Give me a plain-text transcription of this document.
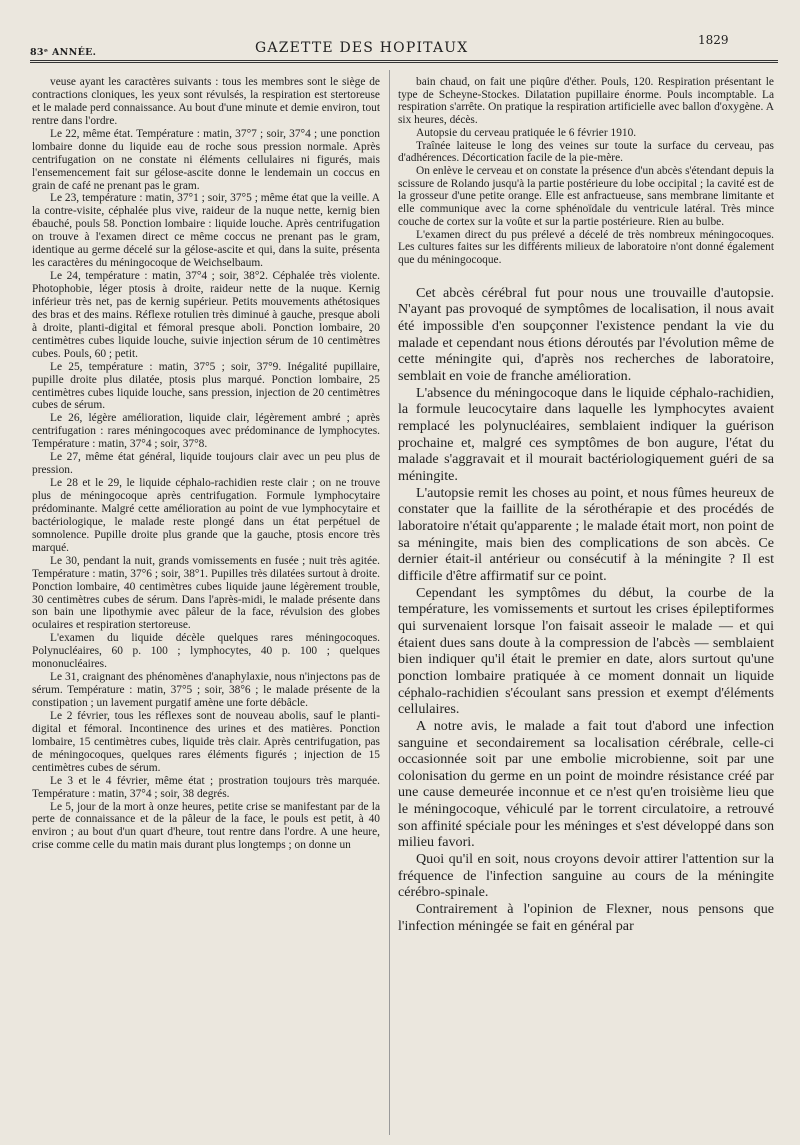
83ᵉ ANNÉE.	GAZETTE DES HOPITAUX	1829

veuse ayant les caractères suivants : tous les membres sont le siège de contractions cloniques, les yeux sont révulsés, la respiration est stertoreuse et le malade perd connaissance. Au bout d'une minute et demie environ, tout rentre dans l'ordre.

Le 22, même état. Température : matin, 37°7 ; soir, 37°4 ; une ponction lombaire donne du liquide eau de roche sous pression normale. Après centrifugation on ne constate ni éléments cellulaires ni figurés, mais l'ensemencement fait sur gélose-ascite donne le lendemain un coccus en grain de café ne prenant pas le gram.

Le 23, température : matin, 37°1 ; soir, 37°5 ; même état que la veille. A la contre-visite, céphalée plus vive, raideur de la nuque nette, kernig bien ébauché, pouls 58. Ponction lombaire : liquide louche. Après centrifugation on trouve à l'examen direct ce même coccus ne prenant pas le gram, identique au germe décelé sur la gélose-ascite et qui, dans la suite, présenta les caractères du méningocoque de Weichselbaum.

Le 24, température : matin, 37°4 ; soir, 38°2. Céphalée très violente. Photophobie, léger ptosis à droite, raideur nette de la nuque. Kernig inférieur très net, pas de kernig supérieur. Petits mouvements athétosiques des bras et des mains. Réflexe rotulien très diminué à gauche, presque aboli à droite, planti-digital et fémoral presque aboli. Ponction lombaire, 20 centimètres cubes liquide louche, suivie injection sérum de 10 centimètres cubes. Pouls, 60 ; petit.

Le 25, température : matin, 37°5 ; soir, 37°9. Inégalité pupillaire, pupille droite plus dilatée, ptosis plus marqué. Ponction lombaire, 25 centimètres cubes liquide louche, sans pression, injection de 20 centimètres cubes de sérum.

Le 26, légère amélioration, liquide clair, légèrement ambré ; après centrifugation : rares méningocoques avec prédominance de lymphocytes. Température : matin, 37°4 ; soir, 37°8.

Le 27, même état général, liquide toujours clair avec un peu plus de pression.

Le 28 et le 29, le liquide céphalo-rachidien reste clair ; on ne trouve plus de méningocoque après centrifugation. Formule lymphocytaire prédominante. Malgré cette amélioration au point de vue lymphocytaire et bactériologique, le malade reste plongé dans un état perpétuel de somnolence. Pupille droite plus grande que la gauche, ptosis encore très marqué.

Le 30, pendant la nuit, grands vomissements en fusée ; nuit très agitée. Température : matin, 37°6 ; soir, 38°1. Pupilles très dilatées surtout à droite. Ponction lombaire, 40 centimètres cubes liquide jaune légèrement trouble, 30 centimètres cubes de sérum. Dans l'après-midi, le malade présente dans son bain une lipothymie avec pâleur de la face, révulsion des globes oculaires et respiration stertoreuse.

L'examen du liquide décèle quelques rares méningocoques. Polynucléaires, 60 p. 100 ; lymphocytes, 40 p. 100 ; quelques mononucléaires.

Le 31, craignant des phénomènes d'anaphylaxie, nous n'injectons pas de sérum. Température : matin, 37°5 ; soir, 38°6 ; le malade présente de la constipation ; un lavement purgatif amène une forte débâcle.

Le 2 février, tous les réflexes sont de nouveau abolis, sauf le planti-digital et fémoral. Incontinence des urines et des matières. Ponction lombaire, 15 centimètres cubes, liquide très clair. Après centrifugation, pas de méningocoques, quelques rares éléments figurés ; injection de 15 centimètres cubes de sérum.

Le 3 et le 4 février, même état ; prostration toujours très marquée. Température : matin, 37°4 ; soir, 38 degrés.

Le 5, jour de la mort à onze heures, petite crise se manifestant par de la perte de connaissance et de la pâleur de la face, le pouls est petit, à 40 environ ; au bout d'un quart d'heure, tout rentre dans l'ordre. A une heure, crise comme celle du matin mais durant plus longtemps ; on donne un

bain chaud, on fait une piqûre d'éther. Pouls, 120. Respiration présentant le type de Scheyne-Stockes. Dilatation pupillaire énorme. Pouls incomptable. La respiration s'arrête. On pratique la respiration artificielle avec ballon d'oxygène. A six heures, décès.

Autopsie du cerveau pratiquée le 6 février 1910.

Traînée laiteuse le long des veines sur toute la surface du cerveau, pas d'adhérences. Décortication facile de la pie-mère.

On enlève le cerveau et on constate la présence d'un abcès s'étendant depuis la scissure de Rolando jusqu'à la partie postérieure du lobe occipital ; la cavité est de la grosseur d'une petite orange. Elle est anfractueuse, sans membrane limitante et elle communique avec la corne sphénoïdale du ventricule latéral. Très mince couche de cortex sur la voûte et sur la partie postérieure. Rien au bulbe.

L'examen direct du pus prélevé a décelé de très nombreux méningocoques. Les cultures faites sur les différents milieux de laboratoire n'ont donné également que du méningocoque.

Cet abcès cérébral fut pour nous une trouvaille d'autopsie. N'ayant pas provoqué de symptômes de localisation, il nous avait été impossible d'en soupçonner l'existence pendant la vie du malade et cependant nous étions déroutés par l'évolution même de cette méningite qui, d'après nos recherches de laboratoire, semblait en voie de franche amélioration.

L'absence du méningocoque dans le liquide céphalo-rachidien, la formule leucocytaire dans laquelle les lymphocytes avaient remplacé les polynucléaires, semblaient indiquer la guérison prochaine et, malgré ces symptômes de bon augure, l'état du malade s'aggravait et il mourait bactériologiquement guéri de sa méningite.

L'autopsie remit les choses au point, et nous fûmes heureux de constater que la faillite de la sérothérapie et des procédés de laboratoire n'était qu'apparente ; le malade était mort, non point de sa méningite, mais bien des complications de son abcès. Ce dernier était-il antérieur ou consécutif à la méningite ? Il est difficile d'être affirmatif sur ce point.

Cependant les symptômes du début, la courbe de la température, les vomissements et surtout les crises épileptiformes qui survenaient lorsque l'on faisait asseoir le malade — et qui étaient dues sans doute à la compression de l'abcès — semblaient bien indiquer qu'il était le premier en date, alors surtout qu'une ponction lombaire pratiquée à ce moment donnait un liquide céphalo-rachidien s'écoulant sans pression et exempt d'éléments cellulaires.

A notre avis, le malade a fait tout d'abord une infection sanguine et secondairement sa localisation cérébrale, celle-ci occasionnée soit par une embolie microbienne, soit par une colonisation du germe en un point de moindre résistance créé par une cause demeurée inconnue et ce n'est qu'en troisième lieu que le méningocoque, véhiculé par le torrent circulatoire, a retrouvé son affinité spéciale pour les méninges et s'est développé dans son milieu favori.

Quoi qu'il en soit, nous croyons devoir attirer l'attention sur la fréquence de l'infection sanguine au cours de la méningite cérébro-spinale.

Contrairement à l'opinion de Flexner, nous pensons que l'infection méningée se fait en général par
